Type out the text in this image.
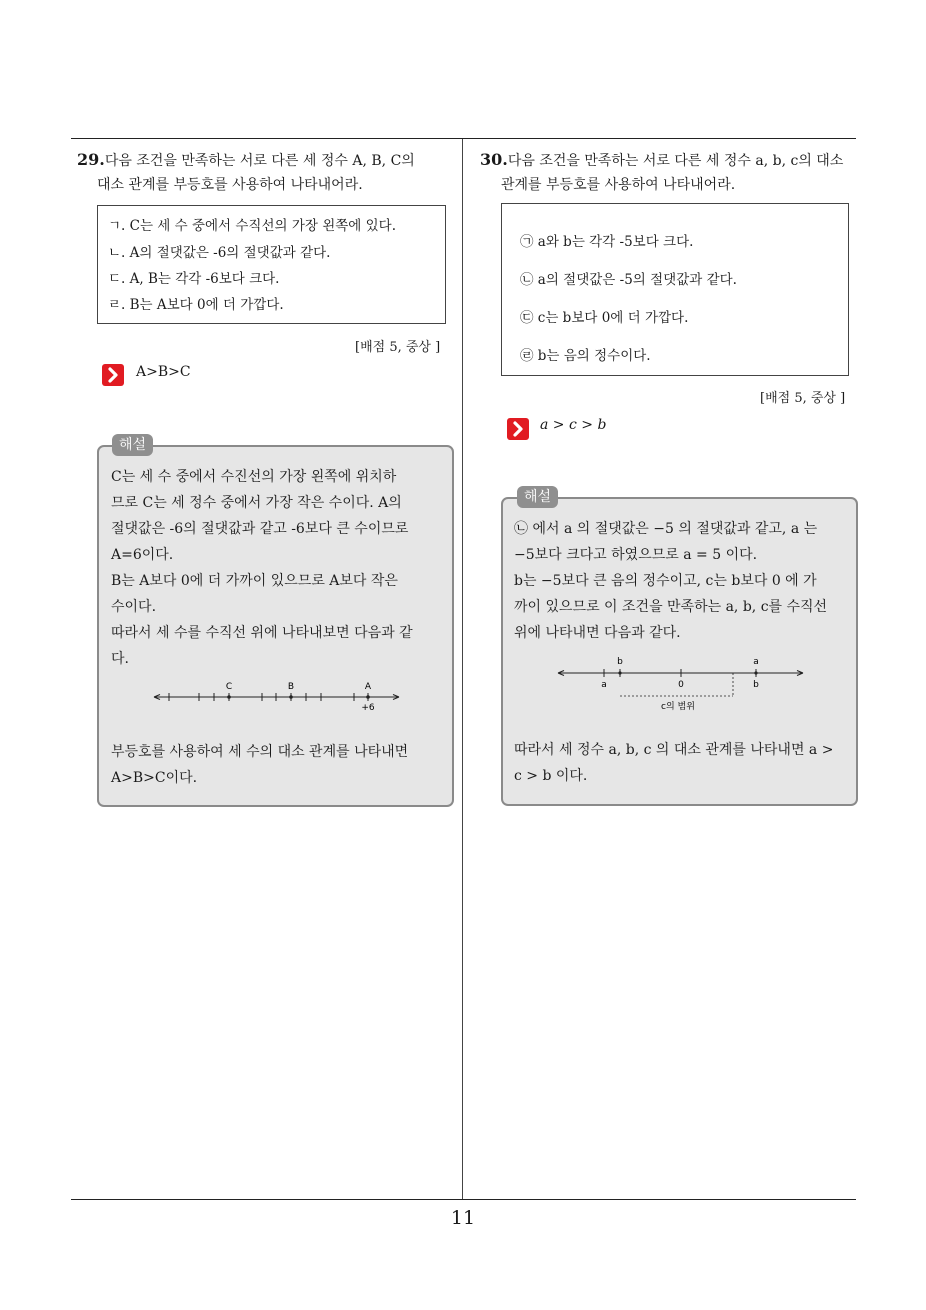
11
29.다음 조건을 만족하는 서로 다른 세 정수 A, B, C의
대소 관계를 부등호를 사용하여 나타내어라.
ㄱ. C는 세 수 중에서 수직선의 가장 왼쪽에 있다.
ㄴ. A의 절댓값은 -6의 절댓값과 같다.
ㄷ. A, B는 각각 -6보다 크다.
ㄹ. B는 A보다 0에 더 가깝다.
[배점 5, 중상 ]
A>B>C
C는 세 수 중에서 수진선의 가장 왼쪽에 위치하
므로 C는 세 정수 중에서 가장 작은 수이다. A의
절댓값은 -6의 절댓값과 같고 -6보다 큰 수이므로
A=6이다.
B는 A보다 0에 더 가까이 있으므로 A보다 작은
수이다.
따라서 세 수를 수직선 위에 나타내보면 다음과 같
다.
C	B	A
+6
부등호를 사용하여 세 수의 대소 관계를 나타내면
A>B>C이다.
해설
30.다음 조건을 만족하는 서로 다른 세 정수 a, b, c의 대소
관계를 부등호를 사용하여 나타내어라.
㉠ a와 b는 각각 -5보다 크다.
㉡ a의 절댓값은 -5의 절댓값과 같다.
㉢ c는 b보다 0에 더 가깝다.
㉣ b는 음의 정수이다.
[배점 5, 중상 ]
a > c > b
㉡ 에서 a 의 절댓값은 −5 의 절댓값과 같고, a 는
−5보다 크다고 하였으므로 a = 5 이다.
b는 −5보다 큰 음의 정수이고, c는 b보다 0 에 가
까이 있으므로 이 조건을 만족하는 a, b, c를 수직선
위에 나타내면 다음과 같다.
b	a
a	0	b
c의 범위
따라서 세 정수 a, b, c 의 대소 관계를 나타내면 a >
c > b 이다.
해설
